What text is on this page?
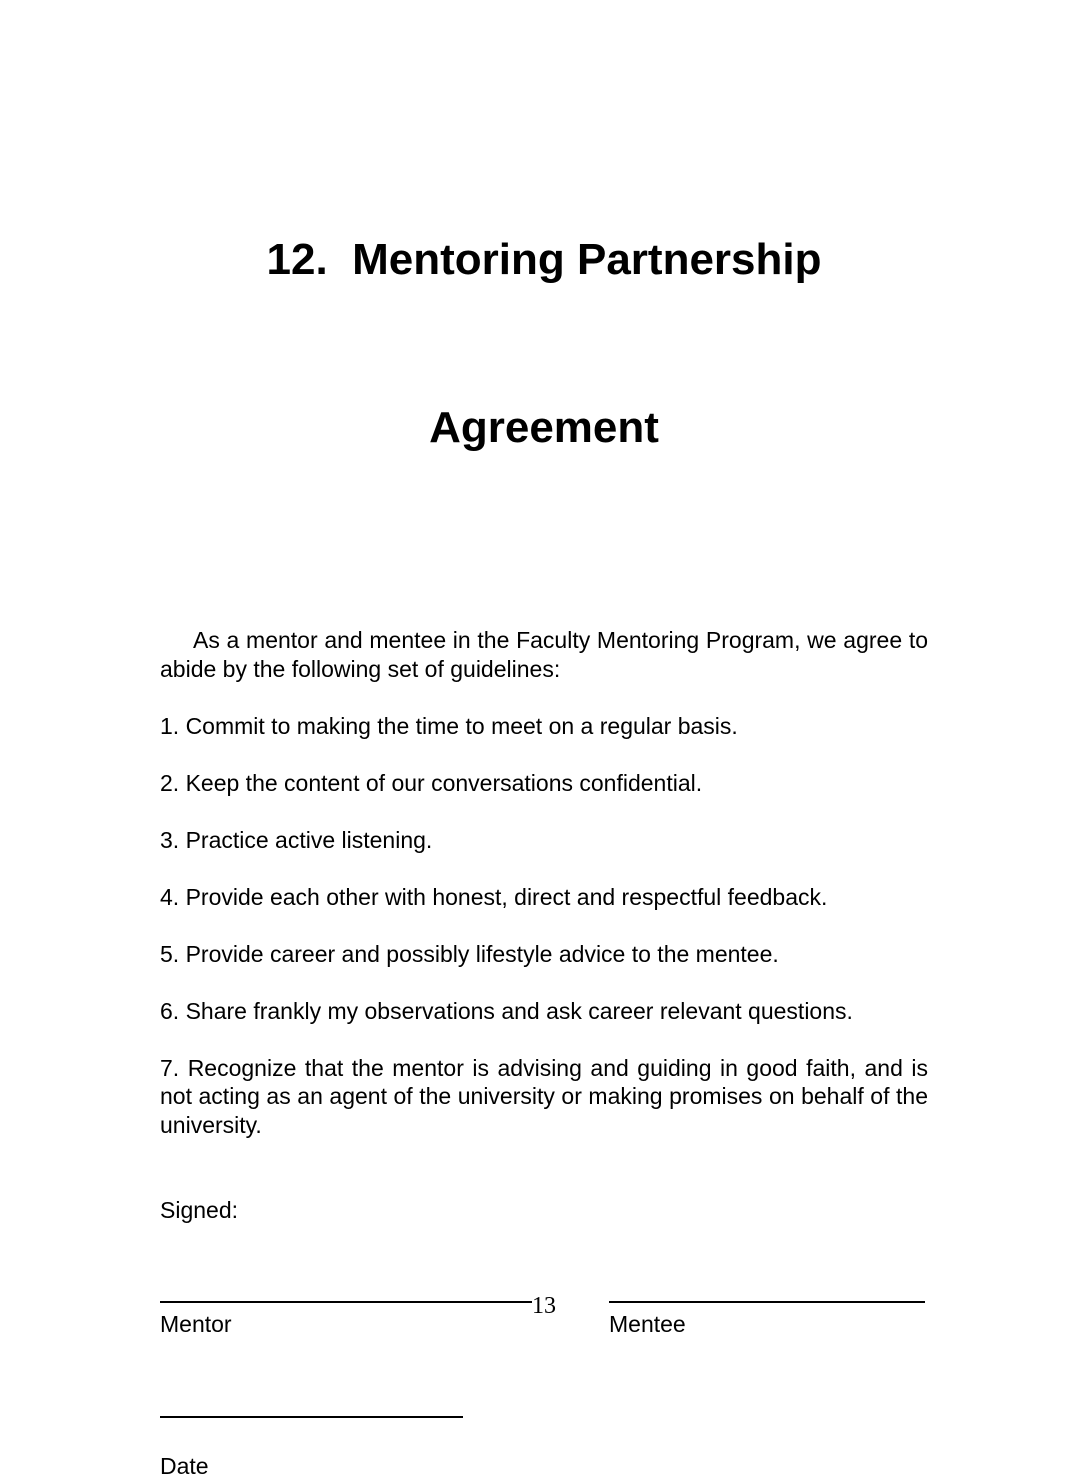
12.  Mentoring Partnership

Agreement

As a mentor and mentee in the Faculty Mentoring Program, we agree to abide by the following set of guidelines:

1. Commit to making the time to meet on a regular basis.

2. Keep the content of our conversations confidential.

3. Practice active listening.

4. Provide each other with honest, direct and respectful feedback.

5. Provide career and possibly lifestyle advice to the mentee.

6. Share frankly my observations and ask career relevant questions.

7. Recognize that the mentor is advising and guiding in good faith, and is not acting as an agent of the university or making promises on behalf of the university.

Signed:

Mentor	Mentee
Date
13
